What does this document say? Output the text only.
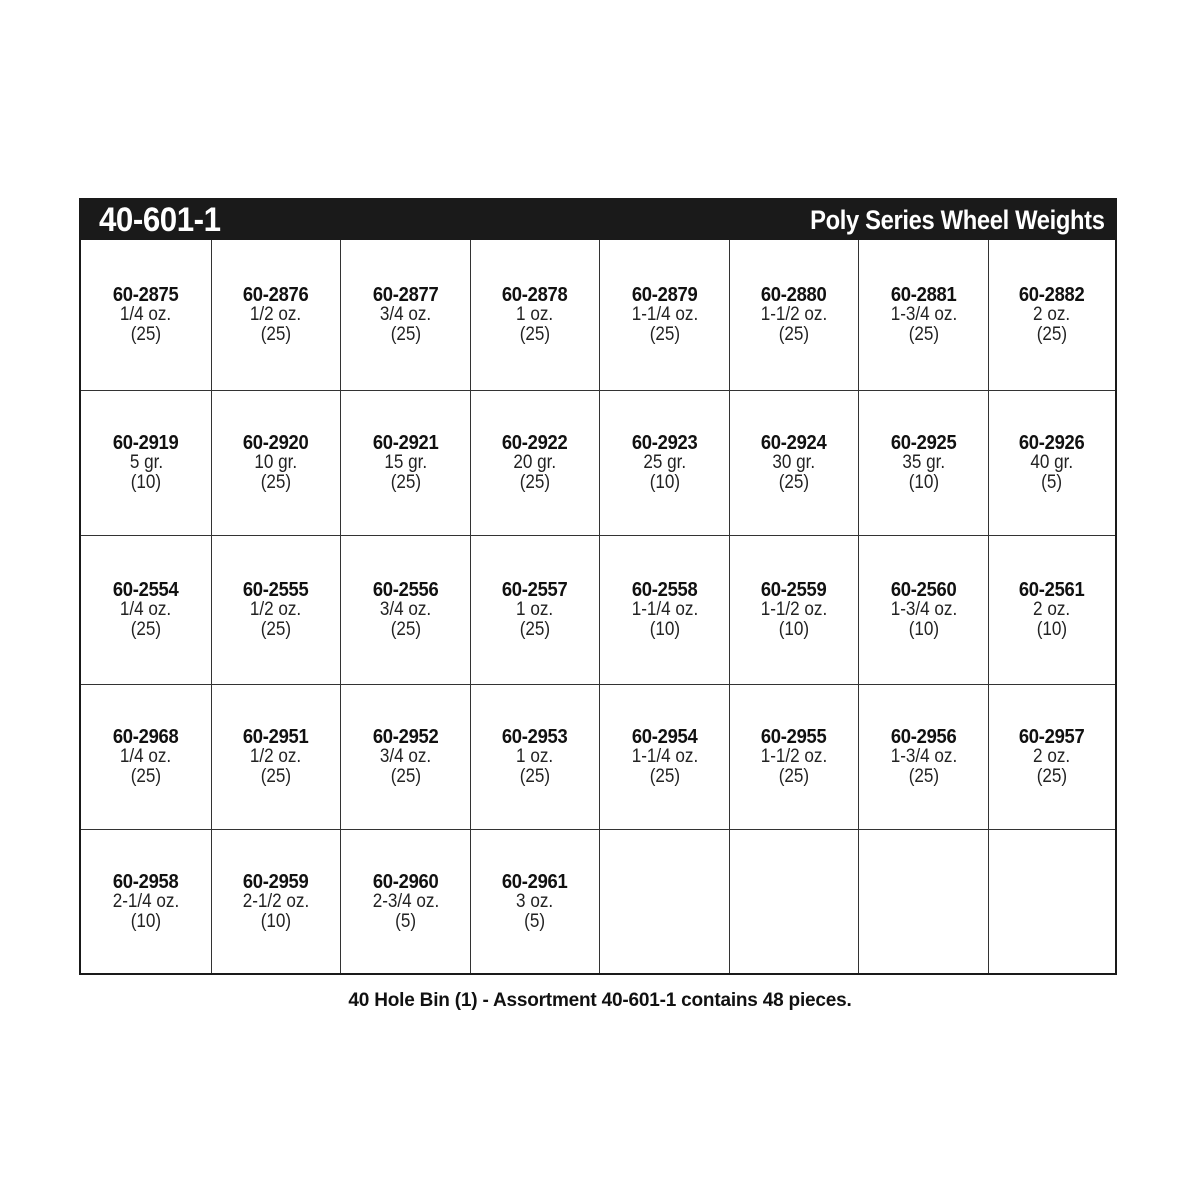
40-601-1	Poly Series Wheel Weights
60-2875
1/4 oz.
(25)
60-2876
1/2 oz.
(25)
60-2877
3/4 oz.
(25)
60-2878
1 oz.
(25)
60-2879
1-1/4 oz.
(25)
60-2880
1-1/2 oz.
(25)
60-2881
1-3/4 oz.
(25)
60-2882
2 oz.
(25)
60-2919
5 gr.
(10)
60-2920
10 gr.
(25)
60-2921
15 gr.
(25)
60-2922
20 gr.
(25)
60-2923
25 gr.
(10)
60-2924
30 gr.
(25)
60-2925
35 gr.
(10)
60-2926
40 gr.
(5)
60-2554
1/4 oz.
(25)
60-2555
1/2 oz.
(25)
60-2556
3/4 oz.
(25)
60-2557
1 oz.
(25)
60-2558
1-1/4 oz.
(10)
60-2559
1-1/2 oz.
(10)
60-2560
1-3/4 oz.
(10)
60-2561
2 oz.
(10)
60-2968
1/4 oz.
(25)
60-2951
1/2 oz.
(25)
60-2952
3/4 oz.
(25)
60-2953
1 oz.
(25)
60-2954
1-1/4 oz.
(25)
60-2955
1-1/2 oz.
(25)
60-2956
1-3/4 oz.
(25)
60-2957
2 oz.
(25)
60-2958
2-1/4 oz.
(10)
60-2959
2-1/2 oz.
(10)
60-2960
2-3/4 oz.
(5)
60-2961
3 oz.
(5)
40 Hole Bin (1) - Assortment 40-601-1 contains 48 pieces.
